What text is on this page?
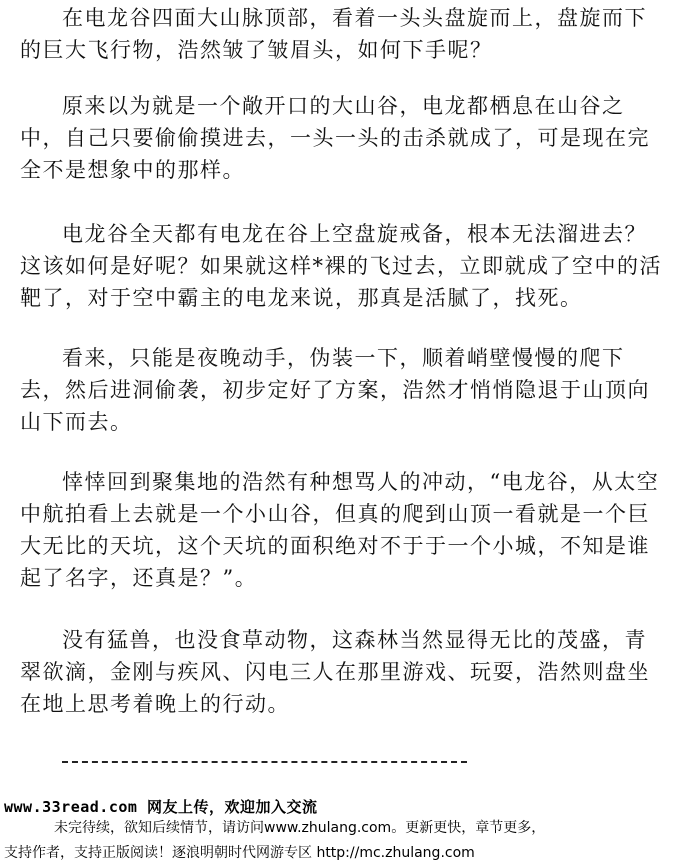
在电龙谷四面大山脉顶部，看着一头头盘旋而上，盘旋而下的巨大飞行物，浩然皱了皱眉头，如何下手呢？

原来以为就是一个敞开口的大山谷，电龙都栖息在山谷之中，自己只要偷偷摸进去，一头一头的击杀就成了，可是现在完全不是想象中的那样。

电龙谷全天都有电龙在谷上空盘旋戒备，根本无法溜进去？这该如何是好呢？如果就这样*裸的飞过去，立即就成了空中的活靶了，对于空中霸主的电龙来说，那真是活腻了，找死。

看来，只能是夜晚动手，伪装一下，顺着峭壁慢慢的爬下去，然后进洞偷袭，初步定好了方案，浩然才悄悄隐退于山顶向山下而去。

悻悻回到聚集地的浩然有种想骂人的冲动，“电龙谷，从太空中航拍看上去就是一个小山谷，但真的爬到山顶一看就是一个巨大无比的天坑，这个天坑的面积绝对不于于一个小城，不知是谁起了名字，还真是？”。

没有猛兽，也没食草动物，这森林当然显得无比的茂盛，青翠欲滴，金刚与疾风、闪电三人在那里游戏、玩耍，浩然则盘坐在地上思考着晚上的行动。

www.33read.com 网友上传，欢迎加入交流
未完待续，欲知后续情节，请访问www.zhulang.com。更新更快，章节更多，
支持作者，支持正版阅读！逐浪明朝时代网游专区 http://mc.zhulang.com
